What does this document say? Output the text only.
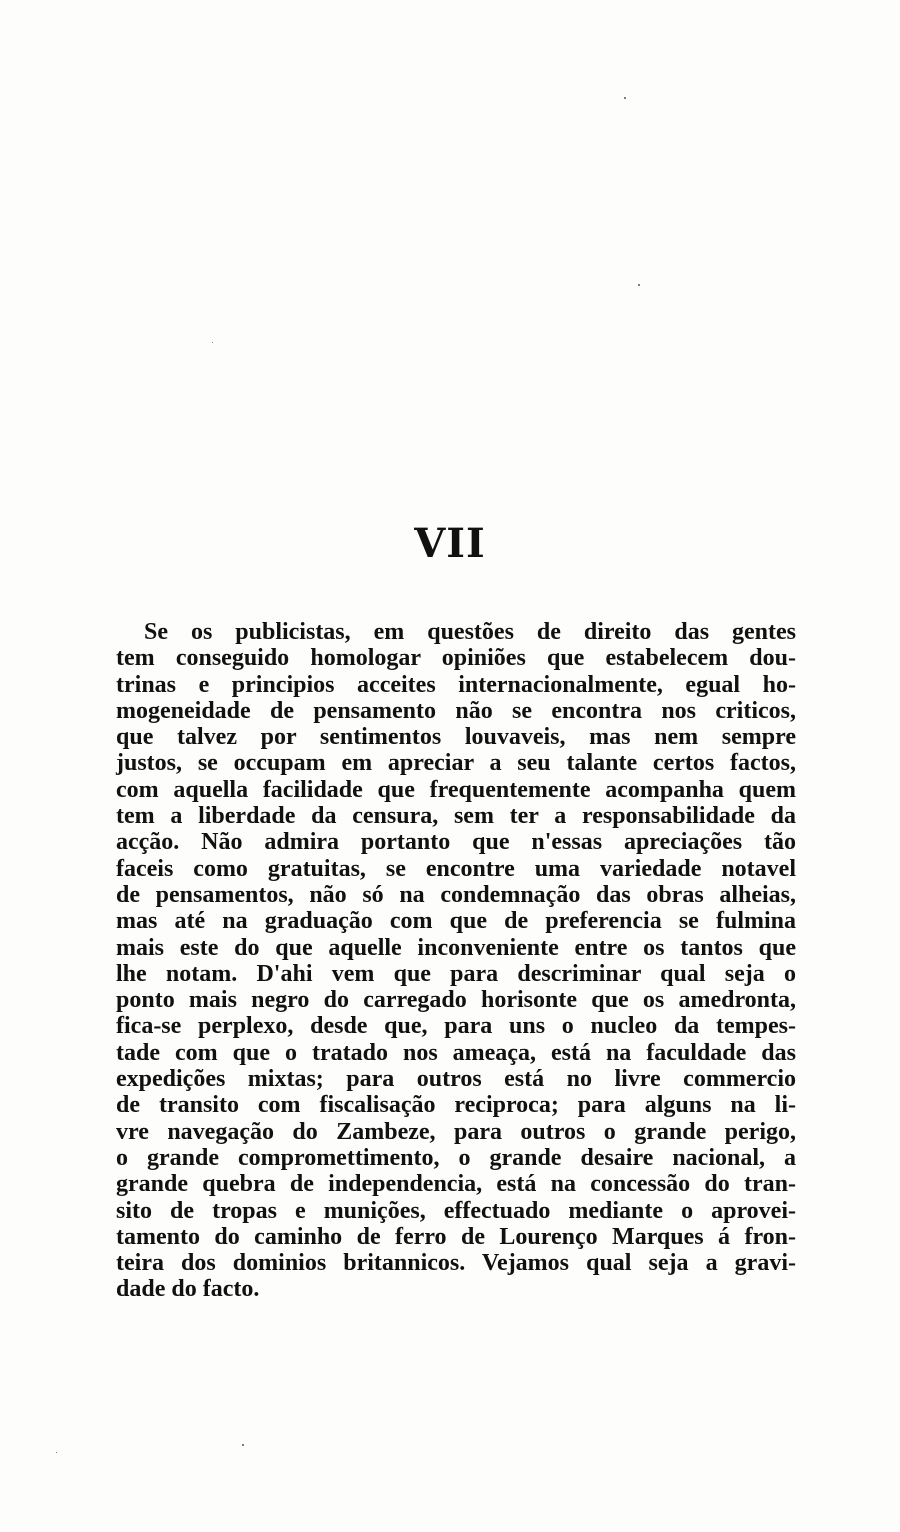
VII
Se os publicistas, em questões de direito das gentes
tem conseguido homologar opiniões que estabelecem dou-
trinas e principios acceites internacionalmente, egual ho-
mogeneidade de pensamento não se encontra nos criticos,
que talvez por sentimentos louvaveis, mas nem sempre
justos, se occupam em apreciar a seu talante certos factos,
com aquella facilidade que frequentemente acompanha quem
tem a liberdade da censura, sem ter a responsabilidade da
acção. Não admira portanto que n'essas apreciações tão
faceis como gratuitas, se encontre uma variedade notavel
de pensamentos, não só na condemnação das obras alheias,
mas até na graduação com que de preferencia se fulmina
mais este do que aquelle inconveniente entre os tantos que
lhe notam. D'ahi vem que para descriminar qual seja o
ponto mais negro do carregado horisonte que os amedronta,
fica-se perplexo, desde que, para uns o nucleo da tempes-
tade com que o tratado nos ameaça, está na faculdade das
expedições mixtas; para outros está no livre commercio
de transito com fiscalisação reciproca; para alguns na li-
vre navegação do Zambeze, para outros o grande perigo,
o grande compromettimento, o grande desaire nacional, a
grande quebra de independencia, está na concessão do tran-
sito de tropas e munições, effectuado mediante o aprovei-
tamento do caminho de ferro de Lourenço Marques á fron-
teira dos dominios britannicos. Vejamos qual seja a gravi-
dade do facto.
